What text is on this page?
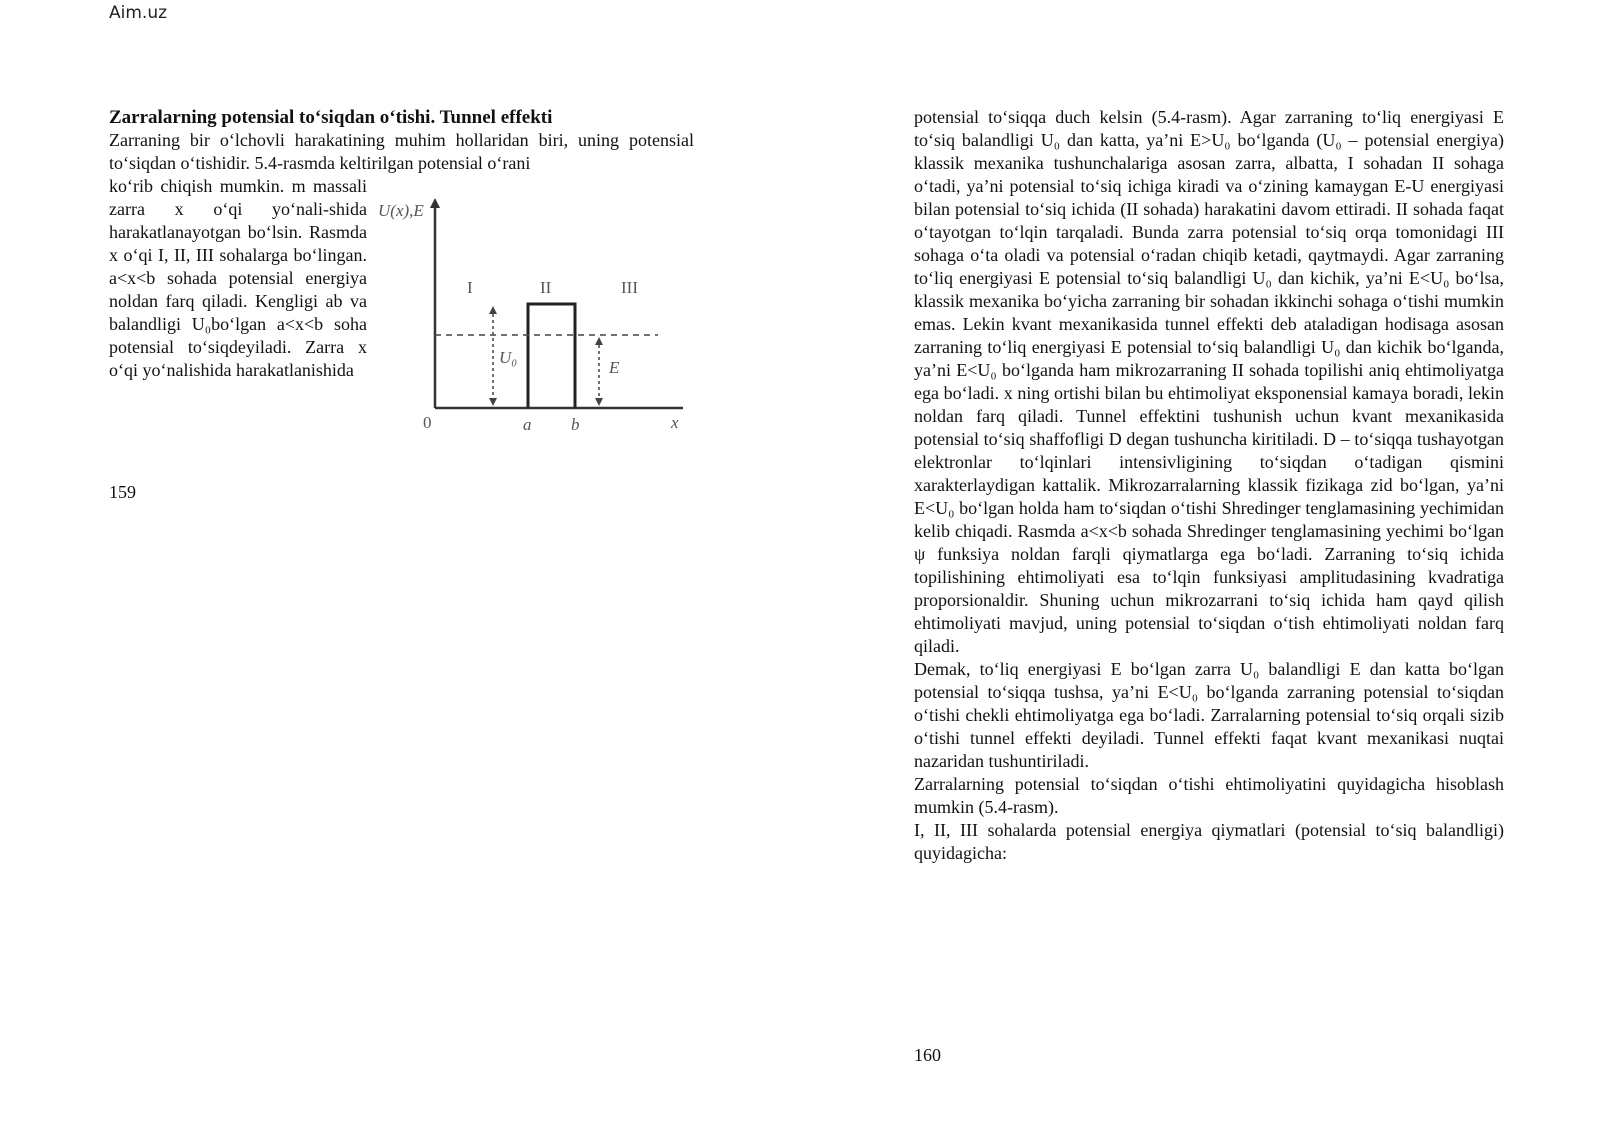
Aim.uz

Zarralarning potensial to‘siqdan o‘tishi. Tunnel effekti

Zarraning bir o‘lchovli harakatining muhim hollaridan biri, uning potensial to‘siqdan o‘tishidir. 5.4-rasmda keltirilgan potensial o‘rani

ko‘rib chiqish mumkin. m massali zarra x o‘qi yo‘nali-shida harakatlanayotgan bo‘lsin. Rasmda x o‘qi I, II, III sohalarga bo‘lingan. a<x<b sohada potensial energiya noldan farq qiladi. Kengligi ab va balandligi U₀bo‘lgan a<x<b soha potensial to‘siqdeyiladi. Zarra x o‘qi yo‘nalishida harakatlanishida

U(x),E
I	II	III
U₀
E
0	a b	x
159

potensial to‘siqqa duch kelsin (5.4-rasm). Agar zarraning to‘liq energiyasi E to‘siq balandligi U₀ dan katta, ya’ni E>U₀ bo‘lganda (U₀ – potensial energiya) klassik mexanika tushunchalariga asosan zarra, albatta, I sohadan II sohaga o‘tadi, ya’ni potensial to‘siq ichiga kiradi va o‘zining kamaygan E-U energiyasi bilan potensial to‘siq ichida (II sohada) harakatini davom ettiradi. II sohada faqat o‘tayotgan to‘lqin tarqaladi. Bunda zarra potensial to‘siq orqa tomonidagi III sohaga o‘ta oladi va potensial o‘radan chiqib ketadi, qaytmaydi. Agar zarraning to‘liq energiyasi E potensial to‘siq balandligi U₀ dan kichik, ya’ni E<U₀ bo‘lsa, klassik mexanika bo‘yicha zarraning bir sohadan ikkinchi sohaga o‘tishi mumkin emas. Lekin kvant mexanikasida tunnel effekti deb ataladigan hodisaga asosan zarraning to‘liq energiyasi E potensial to‘siq balandligi U₀ dan kichik bo‘lganda, ya’ni E<U₀ bo‘lganda ham mikrozarraning II sohada topilishi aniq ehtimoliyatga ega bo‘ladi. x ning ortishi bilan bu ehtimoliyat eksponensial kamaya boradi, lekin noldan farq qiladi. Tunnel effektini tushunish uchun kvant mexanikasida potensial to‘siq shaffofligi D degan tushuncha kiritiladi. D – to‘siqqa tushayotgan elektronlar to‘lqinlari intensivligining to‘siqdan o‘tadigan qismini xarakterlaydigan kattalik. Mikrozarralarning klassik fizikaga zid bo‘lgan, ya’ni E<U₀ bo‘lgan holda ham to‘siqdan o‘tishi Shredinger tenglamasining yechimidan kelib chiqadi. Rasmda a<x<b sohada Shredinger tenglamasining yechimi bo‘lgan ψ funksiya noldan farqli qiymatlarga ega bo‘ladi. Zarraning to‘siq ichida topilishining ehtimoliyati esa to‘lqin funksiyasi amplitudasining kvadratiga proporsionaldir. Shuning uchun mikrozarrani to‘siq ichida ham qayd qilish ehtimoliyati mavjud, uning potensial to‘siqdan o‘tish ehtimoliyati noldan farq qiladi.

Demak, to‘liq energiyasi E bo‘lgan zarra U₀ balandligi E dan katta bo‘lgan potensial to‘siqqa tushsa, ya’ni E<U₀ bo‘lganda zarraning potensial to‘siqdan o‘tishi chekli ehtimoliyatga ega bo‘ladi. Zarralarning potensial to‘siq orqali sizib o‘tishi tunnel effekti deyiladi. Tunnel effekti faqat kvant mexanikasi nuqtai nazaridan tushuntiriladi.

Zarralarning potensial to‘siqdan o‘tishi ehtimoliyatini quyidagicha hisoblash mumkin (5.4-rasm).

I, II, III sohalarda potensial energiya qiymatlari (potensial to‘siq balandligi) quyidagicha:

160
